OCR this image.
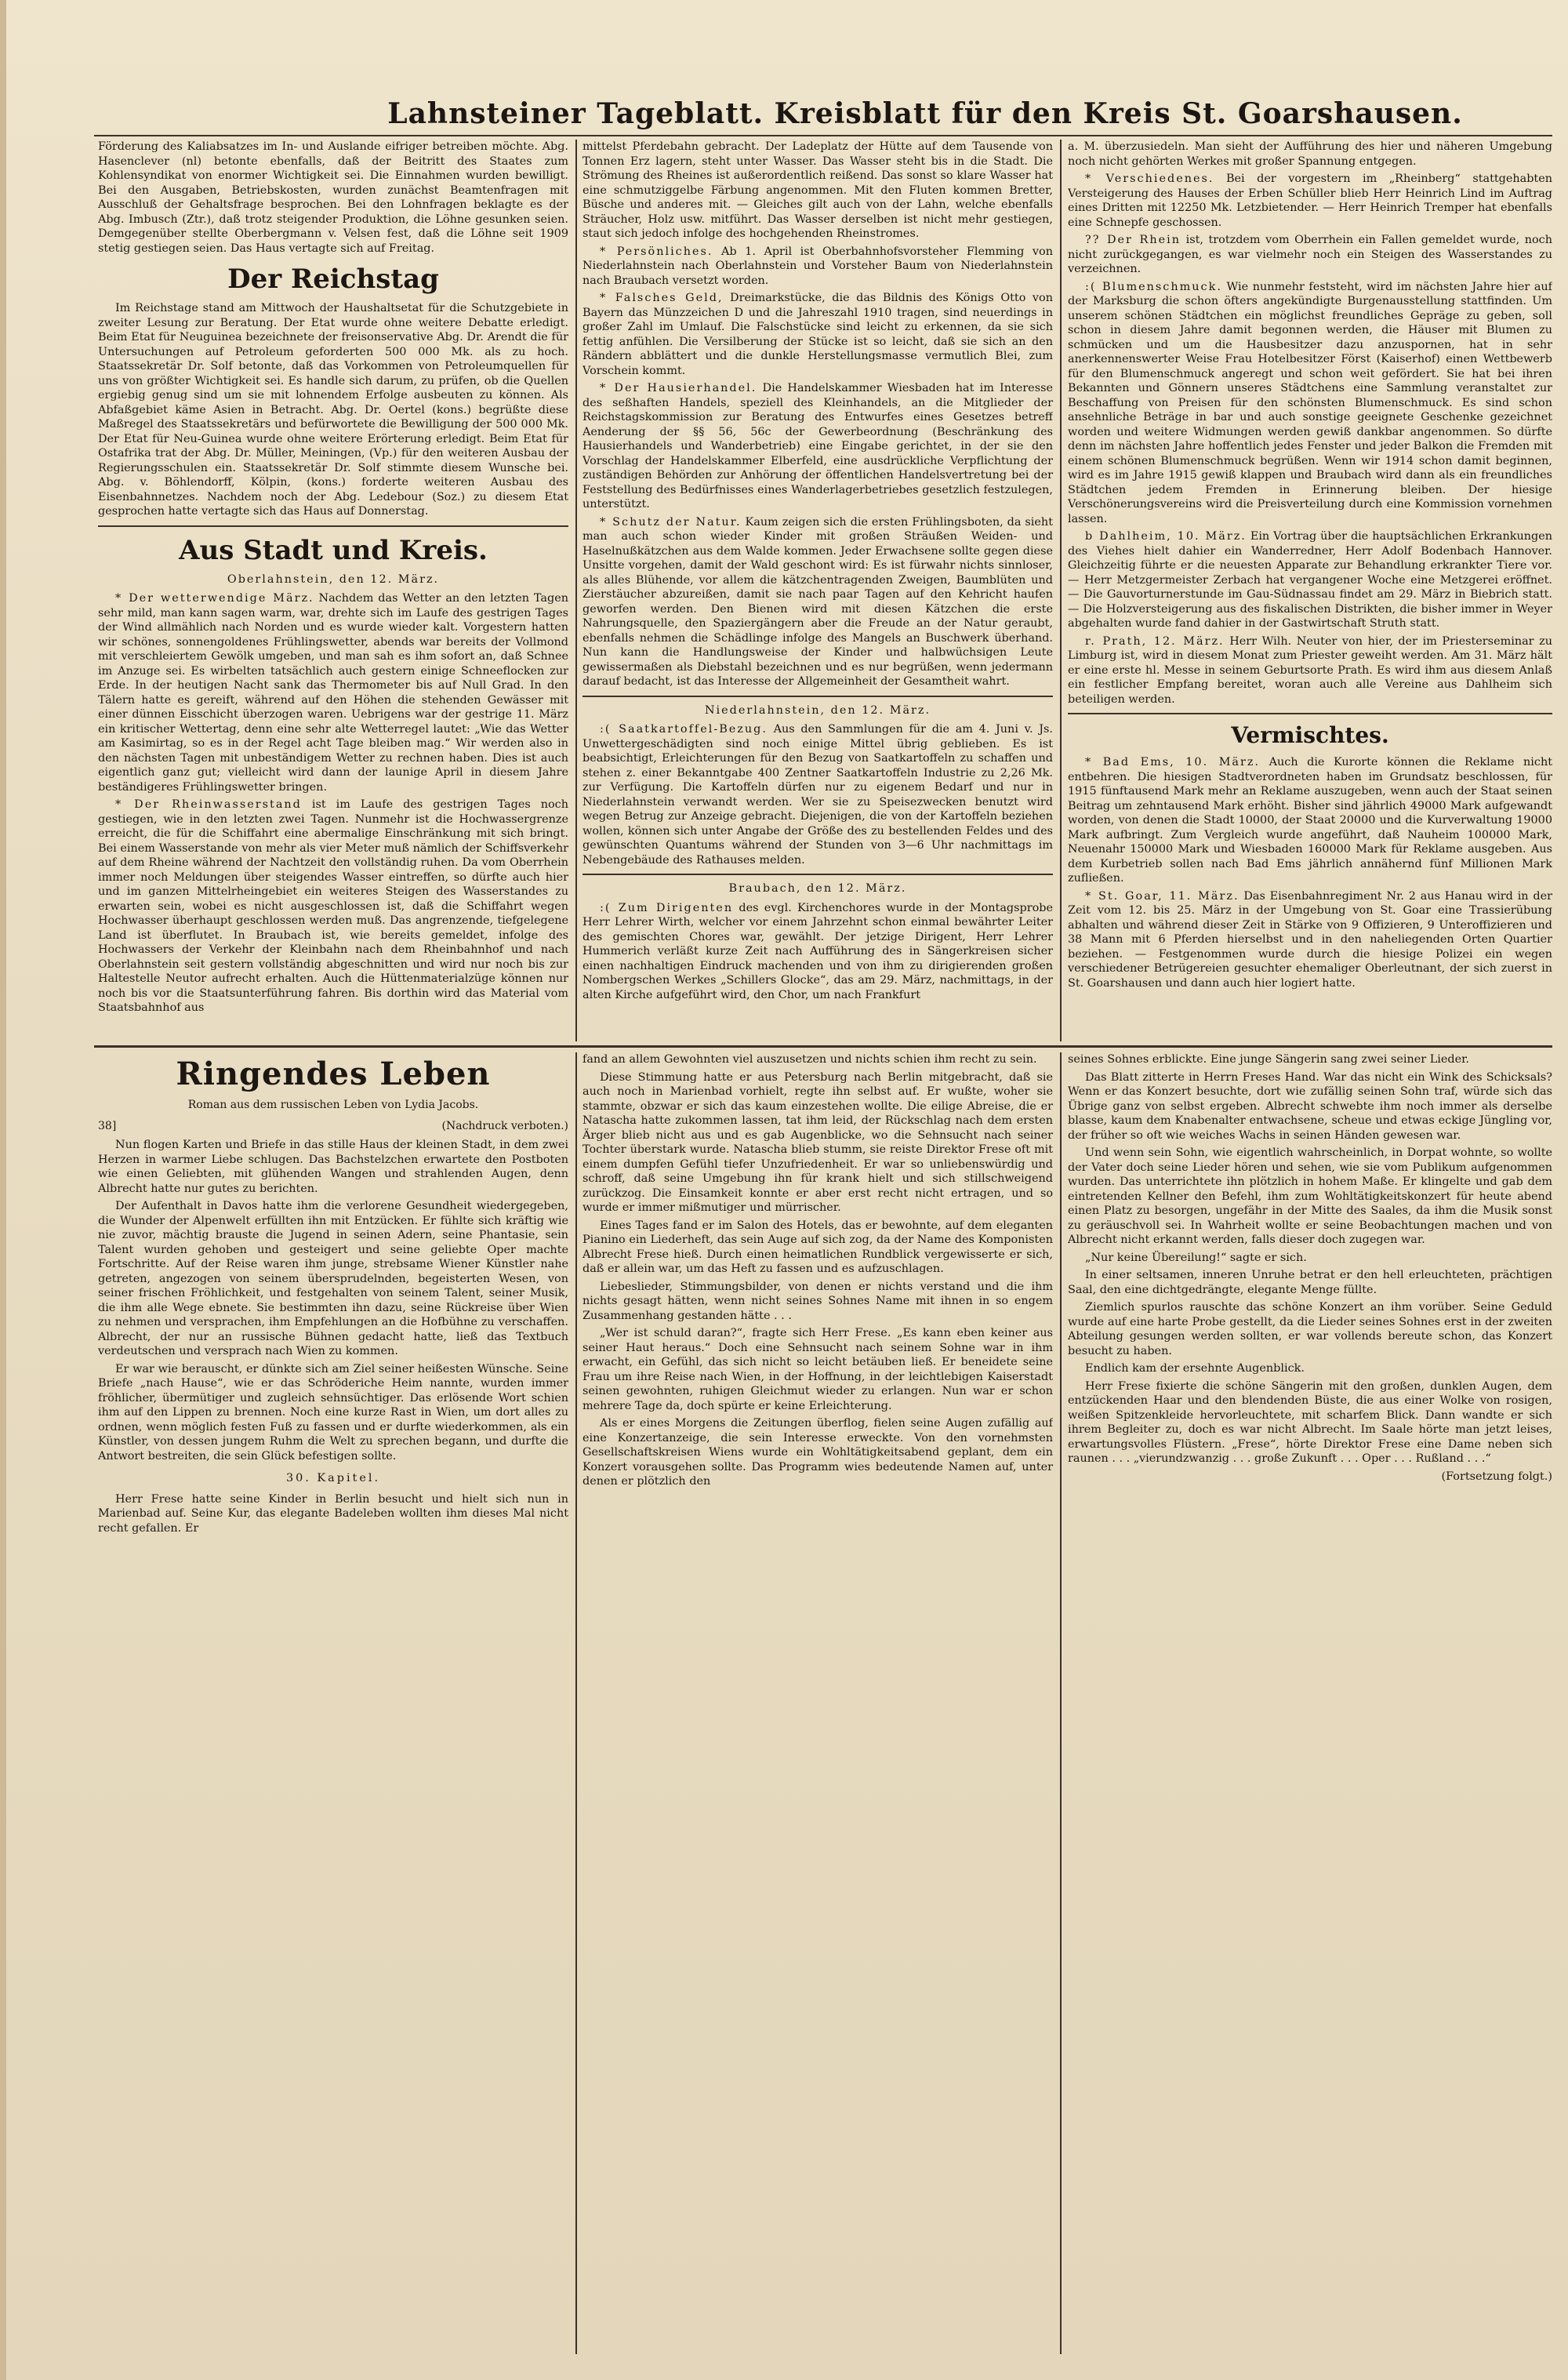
Lahnsteiner Tageblatt. Kreisblatt für den Kreis St. Goarshausen.

Förderung des Kaliabsatzes im In- und Auslande eifriger betreiben möchte. Abg. Hasenclever (nl) betonte ebenfalls, daß der Beitritt des Staates zum Kohlensyndikat von enormer Wichtigkeit sei. Die Einnahmen wurden bewilligt. Bei den Ausgaben, Betriebskosten, wurden zunächst Beamtenfragen mit Ausschluß der Gehaltsfrage besprochen. Bei den Lohnfragen beklagte es der Abg. Imbusch (Ztr.), daß trotz steigender Produktion, die Löhne gesunken seien. Demgegenüber stellte Oberbergmann v. Velsen fest, daß die Löhne seit 1909 stetig gestiegen seien. Das Haus vertagte sich auf Freitag.

Der Reichstag

Im Reichstage stand am Mittwoch der Haushaltsetat für die Schutzgebiete in zweiter Lesung zur Beratung. Der Etat wurde ohne weitere Debatte erledigt. Beim Etat für Neuguinea bezeichnete der freisonservative Abg. Dr. Arendt die für Untersuchungen auf Petroleum geforderten 500 000 Mk. als zu hoch. Staatssekretär Dr. Solf betonte, daß das Vorkommen von Petroleumquellen für uns von größter Wichtigkeit sei. Es handle sich darum, zu prüfen, ob die Quellen ergiebig genug sind um sie mit lohnendem Erfolge ausbeuten zu können. Als Abfaßgebiet käme Asien in Betracht. Abg. Dr. Oertel (kons.) begrüßte diese Maßregel des Staatssekretärs und befürwortete die Bewilligung der 500 000 Mk. Der Etat für Neu-Guinea wurde ohne weitere Erörterung erledigt. Beim Etat für Ostafrika trat der Abg. Dr. Müller, Meiningen, (Vp.) für den weiteren Ausbau der Regierungsschulen ein. Staatssekretär Dr. Solf stimmte diesem Wunsche bei. Abg. v. Böhlendorff, Kölpin, (kons.) forderte weiteren Ausbau des Eisenbahnnetzes. Nachdem noch der Abg. Ledebour (Soz.) zu diesem Etat gesprochen hatte vertagte sich das Haus auf Donnerstag.

Aus Stadt und Kreis.
Oberlahnstein, den 12. März.

* Der wetterwendige März. Nachdem das Wetter an den letzten Tagen sehr mild, man kann sagen warm, war, drehte sich im Laufe des gestrigen Tages der Wind allmählich nach Norden und es wurde wieder kalt. Vorgestern hatten wir schönes, sonnengoldenes Frühlingswetter, abends war bereits der Vollmond mit verschleiertem Gewölk umgeben, und man sah es ihm sofort an, daß Schnee im Anzuge sei. Es wirbelten tatsächlich auch gestern einige Schneeflocken zur Erde. In der heutigen Nacht sank das Thermometer bis auf Null Grad. In den Tälern hatte es gereift, während auf den Höhen die stehenden Gewässer mit einer dünnen Eisschicht überzogen waren. Uebrigens war der gestrige 11. März ein kritischer Wettertag, denn eine sehr alte Wetterregel lautet: „Wie das Wetter am Kasimirtag, so es in der Regel acht Tage bleiben mag.“ Wir werden also in den nächsten Tagen mit unbeständigem Wetter zu rechnen haben. Dies ist auch eigentlich ganz gut; vielleicht wird dann der launige April in diesem Jahre beständigeres Frühlingswetter bringen.

* Der Rheinwasserstand ist im Laufe des gestrigen Tages noch gestiegen, wie in den letzten zwei Tagen. Nunmehr ist die Hochwassergrenze erreicht, die für die Schiffahrt eine abermalige Einschränkung mit sich bringt. Bei einem Wasserstande von mehr als vier Meter muß nämlich der Schiffsverkehr auf dem Rheine während der Nachtzeit den vollständig ruhen. Da vom Oberrhein immer noch Meldungen über steigendes Wasser eintreffen, so dürfte auch hier und im ganzen Mittelrheingebiet ein weiteres Steigen des Wasserstandes zu erwarten sein, wobei es nicht ausgeschlossen ist, daß die Schiffahrt wegen Hochwasser überhaupt geschlossen werden muß. Das angrenzende, tiefgelegene Land ist überflutet. In Braubach ist, wie bereits gemeldet, infolge des Hochwassers der Verkehr der Kleinbahn nach dem Rheinbahnhof und nach Oberlahnstein seit gestern vollständig abgeschnitten und wird nur noch bis zur Haltestelle Neutor aufrecht erhalten. Auch die Hüttenmaterialzüge können nur noch bis vor die Staatsunterführung fahren. Bis dorthin wird das Material vom Staatsbahnhof aus

mittelst Pferdebahn gebracht. Der Ladeplatz der Hütte auf dem Tausende von Tonnen Erz lagern, steht unter Wasser. Das Wasser steht bis in die Stadt. Die Strömung des Rheines ist außerordentlich reißend. Das sonst so klare Wasser hat eine schmutziggelbe Färbung angenommen. Mit den Fluten kommen Bretter, Büsche und anderes mit. — Gleiches gilt auch von der Lahn, welche ebenfalls Sträucher, Holz usw. mitführt. Das Wasser derselben ist nicht mehr gestiegen, staut sich jedoch infolge des hochgehenden Rheinstromes.

* Persönliches. Ab 1. April ist Oberbahnhofsvorsteher Flemming von Niederlahnstein nach Oberlahnstein und Vorsteher Baum von Niederlahnstein nach Braubach versetzt worden.

* Falsches Geld, Dreimarkstücke, die das Bildnis des Königs Otto von Bayern das Münzzeichen D und die Jahreszahl 1910 tragen, sind neuerdings in großer Zahl im Umlauf. Die Falschstücke sind leicht zu erkennen, da sie sich fettig anfühlen. Die Versilberung der Stücke ist so leicht, daß sie sich an den Rändern abblättert und die dunkle Herstellungsmasse vermutlich Blei, zum Vorschein kommt.

* Der Hausierhandel. Die Handelskammer Wiesbaden hat im Interesse des seßhaften Handels, speziell des Kleinhandels, an die Mitglieder der Reichstagskommission zur Beratung des Entwurfes eines Gesetzes betreff Aenderung der §§ 56, 56c der Gewerbeordnung (Beschränkung des Hausierhandels und Wanderbetrieb) eine Eingabe gerichtet, in der sie den Vorschlag der Handelskammer Elberfeld, eine ausdrückliche Verpflichtung der zuständigen Behörden zur Anhörung der öffentlichen Handelsvertretung bei der Feststellung des Bedürfnisses eines Wanderlagerbetriebes gesetzlich festzulegen, unterstützt.

* Schutz der Natur. Kaum zeigen sich die ersten Frühlingsboten, da sieht man auch schon wieder Kinder mit großen Sträußen Weiden- und Haselnußkätzchen aus dem Walde kommen. Jeder Erwachsene sollte gegen diese Unsitte vorgehen, damit der Wald geschont wird: Es ist fürwahr nichts sinnloser, als alles Blühende, vor allem die kätzchentragenden Zweigen, Baumblüten und Zierstäucher abzureißen, damit sie nach paar Tagen auf den Kehricht haufen geworfen werden. Den Bienen wird mit diesen Kätzchen die erste Nahrungsquelle, den Spaziergängern aber die Freude an der Natur geraubt, ebenfalls nehmen die Schädlinge infolge des Mangels an Buschwerk überhand. Nun kann die Handlungsweise der Kinder und halbwüchsigen Leute gewissermaßen als Diebstahl bezeichnen und es nur begrüßen, wenn jedermann darauf bedacht, ist das Interesse der Allgemeinheit der Gesamtheit wahrt.

Niederlahnstein, den 12. März.

:( Saatkartoffel-Bezug. Aus den Sammlungen für die am 4. Juni v. Js. Unwettergeschädigten sind noch einige Mittel übrig geblieben. Es ist beabsichtigt, Erleichterungen für den Bezug von Saatkartoffeln zu schaffen und stehen z. einer Bekanntgabe 400 Zentner Saatkartoffeln Industrie zu 2,26 Mk. zur Verfügung. Die Kartoffeln dürfen nur zu eigenem Bedarf und nur in Niederlahnstein verwandt werden. Wer sie zu Speisezwecken benutzt wird wegen Betrug zur Anzeige gebracht. Diejenigen, die von der Kartoffeln beziehen wollen, können sich unter Angabe der Größe des zu bestellenden Feldes und des gewünschten Quantums während der Stunden von 3—6 Uhr nachmittags im Nebengebäude des Rathauses melden.

Braubach, den 12. März.

:( Zum Dirigenten des evgl. Kirchenchores wurde in der Montagsprobe Herr Lehrer Wirth, welcher vor einem Jahrzehnt schon einmal bewährter Leiter des gemischten Chores war, gewählt. Der jetzige Dirigent, Herr Lehrer Hummerich verläßt kurze Zeit nach Aufführung des in Sängerkreisen sicher einen nachhaltigen Eindruck machenden und von ihm zu dirigierenden großen Nombergschen Werkes „Schillers Glocke“, das am 29. März, nachmittags, in der alten Kirche aufgeführt wird, den Chor, um nach Frankfurt

a. M. überzusiedeln. Man sieht der Aufführung des hier und näheren Umgebung noch nicht gehörten Werkes mit großer Spannung entgegen.

* Verschiedenes. Bei der vorgestern im „Rheinberg“ stattgehabten Versteigerung des Hauses der Erben Schüller blieb Herr Heinrich Lind im Auftrag eines Dritten mit 12250 Mk. Letzbietender. — Herr Heinrich Tremper hat ebenfalls eine Schnepfe geschossen.

?? Der Rhein ist, trotzdem vom Oberrhein ein Fallen gemeldet wurde, noch nicht zurückgegangen, es war vielmehr noch ein Steigen des Wasserstandes zu verzeichnen.

:( Blumenschmuck. Wie nunmehr feststeht, wird im nächsten Jahre hier auf der Marksburg die schon öfters angekündigte Burgenausstellung stattfinden. Um unserem schönen Städtchen ein möglichst freundliches Gepräge zu geben, soll schon in diesem Jahre damit begonnen werden, die Häuser mit Blumen zu schmücken und um die Hausbesitzer dazu anzuspornen, hat in sehr anerkennenswerter Weise Frau Hotelbesitzer Först (Kaiserhof) einen Wettbewerb für den Blumenschmuck angeregt und schon weit gefördert. Sie hat bei ihren Bekannten und Gönnern unseres Städtchens eine Sammlung veranstaltet zur Beschaffung von Preisen für den schönsten Blumenschmuck. Es sind schon ansehnliche Beträge in bar und auch sonstige geeignete Geschenke gezeichnet worden und weitere Widmungen werden gewiß dankbar angenommen. So dürfte denn im nächsten Jahre hoffentlich jedes Fenster und jeder Balkon die Fremden mit einem schönen Blumenschmuck begrüßen. Wenn wir 1914 schon damit beginnen, wird es im Jahre 1915 gewiß klappen und Braubach wird dann als ein freundliches Städtchen jedem Fremden in Erinnerung bleiben. Der hiesige Verschönerungsvereins wird die Preisverteilung durch eine Kommission vornehmen lassen.

b Dahlheim, 10. März. Ein Vortrag über die hauptsächlichen Erkrankungen des Viehes hielt dahier ein Wanderredner, Herr Adolf Bodenbach Hannover. Gleichzeitig führte er die neuesten Apparate zur Behandlung erkrankter Tiere vor. — Herr Metzgermeister Zerbach hat vergangener Woche eine Metzgerei eröffnet. — Die Gauvorturnerstunde im Gau-Südnassau findet am 29. März in Biebrich statt. — Die Holzversteigerung aus des fiskalischen Distrikten, die bisher immer in Weyer abgehalten wurde fand dahier in der Gastwirtschaft Struth statt.

r. Prath, 12. März. Herr Wilh. Neuter von hier, der im Priesterseminar zu Limburg ist, wird in diesem Monat zum Priester geweiht werden. Am 31. März hält er eine erste hl. Messe in seinem Geburtsorte Prath. Es wird ihm aus diesem Anlaß ein festlicher Empfang bereitet, woran auch alle Vereine aus Dahlheim sich beteiligen werden.

Vermischtes.

* Bad Ems, 10. März. Auch die Kurorte können die Reklame nicht entbehren. Die hiesigen Stadtverordneten haben im Grundsatz beschlossen, für 1915 fünftausend Mark mehr an Reklame auszugeben, wenn auch der Staat seinen Beitrag um zehntausend Mark erhöht. Bisher sind jährlich 49000 Mark aufgewandt worden, von denen die Stadt 10000, der Staat 20000 und die Kurverwaltung 19000 Mark aufbringt. Zum Vergleich wurde angeführt, daß Nauheim 100000 Mark, Neuenahr 150000 Mark und Wiesbaden 160000 Mark für Reklame ausgeben. Aus dem Kurbetrieb sollen nach Bad Ems jährlich annähernd fünf Millionen Mark zufließen.

* St. Goar, 11. März. Das Eisenbahnregiment Nr. 2 aus Hanau wird in der Zeit vom 12. bis 25. März in der Umgebung von St. Goar eine Trassierübung abhalten und während dieser Zeit in Stärke von 9 Offizieren, 9 Unteroffizieren und 38 Mann mit 6 Pferden hierselbst und in den naheliegenden Orten Quartier beziehen. — Festgenommen wurde durch die hiesige Polizei ein wegen verschiedener Betrügereien gesuchter ehemaliger Oberleutnant, der sich zuerst in St. Goarshausen und dann auch hier logiert hatte.

Ringendes Leben
Roman aus dem russischen Leben von Lydia Jacobs.
38]	(Nachdruck verboten.)

Nun flogen Karten und Briefe in das stille Haus der kleinen Stadt, in dem zwei Herzen in warmer Liebe schlugen. Das Bachstelzchen erwartete den Postboten wie einen Geliebten, mit glühenden Wangen und strahlenden Augen, denn Albrecht hatte nur gutes zu berichten.

Der Aufenthalt in Davos hatte ihm die verlorene Gesundheit wiedergegeben, die Wunder der Alpenwelt erfüllten ihn mit Entzücken. Er fühlte sich kräftig wie nie zuvor, mächtig brauste die Jugend in seinen Adern, seine Phantasie, sein Talent wurden gehoben und gesteigert und seine geliebte Oper machte Fortschritte. Auf der Reise waren ihm junge, strebsame Wiener Künstler nahe getreten, angezogen von seinem übersprudelnden, begeisterten Wesen, von seiner frischen Fröhlichkeit, und festgehalten von seinem Talent, seiner Musik, die ihm alle Wege ebnete. Sie bestimmten ihn dazu, seine Rückreise über Wien zu nehmen und versprachen, ihm Empfehlungen an die Hofbühne zu verschaffen. Albrecht, der nur an russische Bühnen gedacht hatte, ließ das Textbuch verdeutschen und versprach nach Wien zu kommen.

Er war wie berauscht, er dünkte sich am Ziel seiner heißesten Wünsche. Seine Briefe „nach Hause“, wie er das Schröderiche Heim nannte, wurden immer fröhlicher, übermütiger und zugleich sehnsüchtiger. Das erlösende Wort schien ihm auf den Lippen zu brennen. Noch eine kurze Rast in Wien, um dort alles zu ordnen, wenn möglich festen Fuß zu fassen und er durfte wiederkommen, als ein Künstler, von dessen jungem Ruhm die Welt zu sprechen begann, und durfte die Antwort bestreiten, die sein Glück befestigen sollte.

30. Kapitel.

Herr Frese hatte seine Kinder in Berlin besucht und hielt sich nun in Marienbad auf. Seine Kur, das elegante Badeleben wollten ihm dieses Mal nicht recht gefallen. Er

fand an allem Gewohnten viel auszusetzen und nichts schien ihm recht zu sein.

Diese Stimmung hatte er aus Petersburg nach Berlin mitgebracht, daß sie auch noch in Marienbad vorhielt, regte ihn selbst auf. Er wußte, woher sie stammte, obzwar er sich das kaum einzestehen wollte. Die eilige Abreise, die er Natascha hatte zukommen lassen, tat ihm leid, der Rückschlag nach dem ersten Ärger blieb nicht aus und es gab Augenblicke, wo die Sehnsucht nach seiner Tochter überstark wurde. Natascha blieb stumm, sie reiste Direktor Frese oft mit einem dumpfen Gefühl tiefer Unzufriedenheit. Er war so unliebenswürdig und schroff, daß seine Umgebung ihn für krank hielt und sich stillschweigend zurückzog. Die Einsamkeit konnte er aber erst recht nicht ertragen, und so wurde er immer mißmutiger und mürrischer.

Eines Tages fand er im Salon des Hotels, das er bewohnte, auf dem eleganten Pianino ein Liederheft, das sein Auge auf sich zog, da der Name des Komponisten Albrecht Frese hieß. Durch einen heimatlichen Rundblick vergewisserte er sich, daß er allein war, um das Heft zu fassen und es aufzuschlagen.

Liebeslieder, Stimmungsbilder, von denen er nichts verstand und die ihm nichts gesagt hätten, wenn nicht seines Sohnes Name mit ihnen in so engem Zusammenhang gestanden hätte . . .

„Wer ist schuld daran?“, fragte sich Herr Frese. „Es kann eben keiner aus seiner Haut heraus.“ Doch eine Sehnsucht nach seinem Sohne war in ihm erwacht, ein Gefühl, das sich nicht so leicht betäuben ließ. Er beneidete seine Frau um ihre Reise nach Wien, in der Hoffnung, in der leichtlebigen Kaiserstadt seinen gewohnten, ruhigen Gleichmut wieder zu erlangen. Nun war er schon mehrere Tage da, doch spürte er keine Erleichterung.

Als er eines Morgens die Zeitungen überflog, fielen seine Augen zufällig auf eine Konzertanzeige, die sein Interesse erweckte. Von den vornehmsten Gesellschaftskreisen Wiens wurde ein Wohltätigkeitsabend geplant, dem ein Konzert vorausgehen sollte. Das Programm wies bedeutende Namen auf, unter denen er plötzlich den

seines Sohnes erblickte. Eine junge Sängerin sang zwei seiner Lieder.

Das Blatt zitterte in Herrn Freses Hand. War das nicht ein Wink des Schicksals? Wenn er das Konzert besuchte, dort wie zufällig seinen Sohn traf, würde sich das Übrige ganz von selbst ergeben. Albrecht schwebte ihm noch immer als derselbe blasse, kaum dem Knabenalter entwachsene, scheue und etwas eckige Jüngling vor, der früher so oft wie weiches Wachs in seinen Händen gewesen war.

Und wenn sein Sohn, wie eigentlich wahrscheinlich, in Dorpat wohnte, so wollte der Vater doch seine Lieder hören und sehen, wie sie vom Publikum aufgenommen wurden. Das unterrichtete ihn plötzlich in hohem Maße. Er klingelte und gab dem eintretenden Kellner den Befehl, ihm zum Wohltätigkeitskonzert für heute abend einen Platz zu besorgen, ungefähr in der Mitte des Saales, da ihm die Musik sonst zu geräuschvoll sei. In Wahrheit wollte er seine Beobachtungen machen und von Albrecht nicht erkannt werden, falls dieser doch zugegen war.

„Nur keine Übereilung!“ sagte er sich.

In einer seltsamen, inneren Unruhe betrat er den hell erleuchteten, prächtigen Saal, den eine dichtgedrängte, elegante Menge füllte.

Ziemlich spurlos rauschte das schöne Konzert an ihm vorüber. Seine Geduld wurde auf eine harte Probe gestellt, da die Lieder seines Sohnes erst in der zweiten Abteilung gesungen werden sollten, er war vollends bereute schon, das Konzert besucht zu haben.

Endlich kam der ersehnte Augenblick.

Herr Frese fixierte die schöne Sängerin mit den großen, dunklen Augen, dem entzückenden Haar und den blendenden Büste, die aus einer Wolke von rosigen, weißen Spitzenkleide hervorleuchtete, mit scharfem Blick. Dann wandte er sich ihrem Begleiter zu, doch es war nicht Albrecht. Im Saale hörte man jetzt leises, erwartungsvolles Flüstern. „Frese“, hörte Direktor Frese eine Dame neben sich raunen . . . „vierundzwanzig . . . große Zukunft . . . Oper . . . Rußland . . .“

(Fortsetzung folgt.)
